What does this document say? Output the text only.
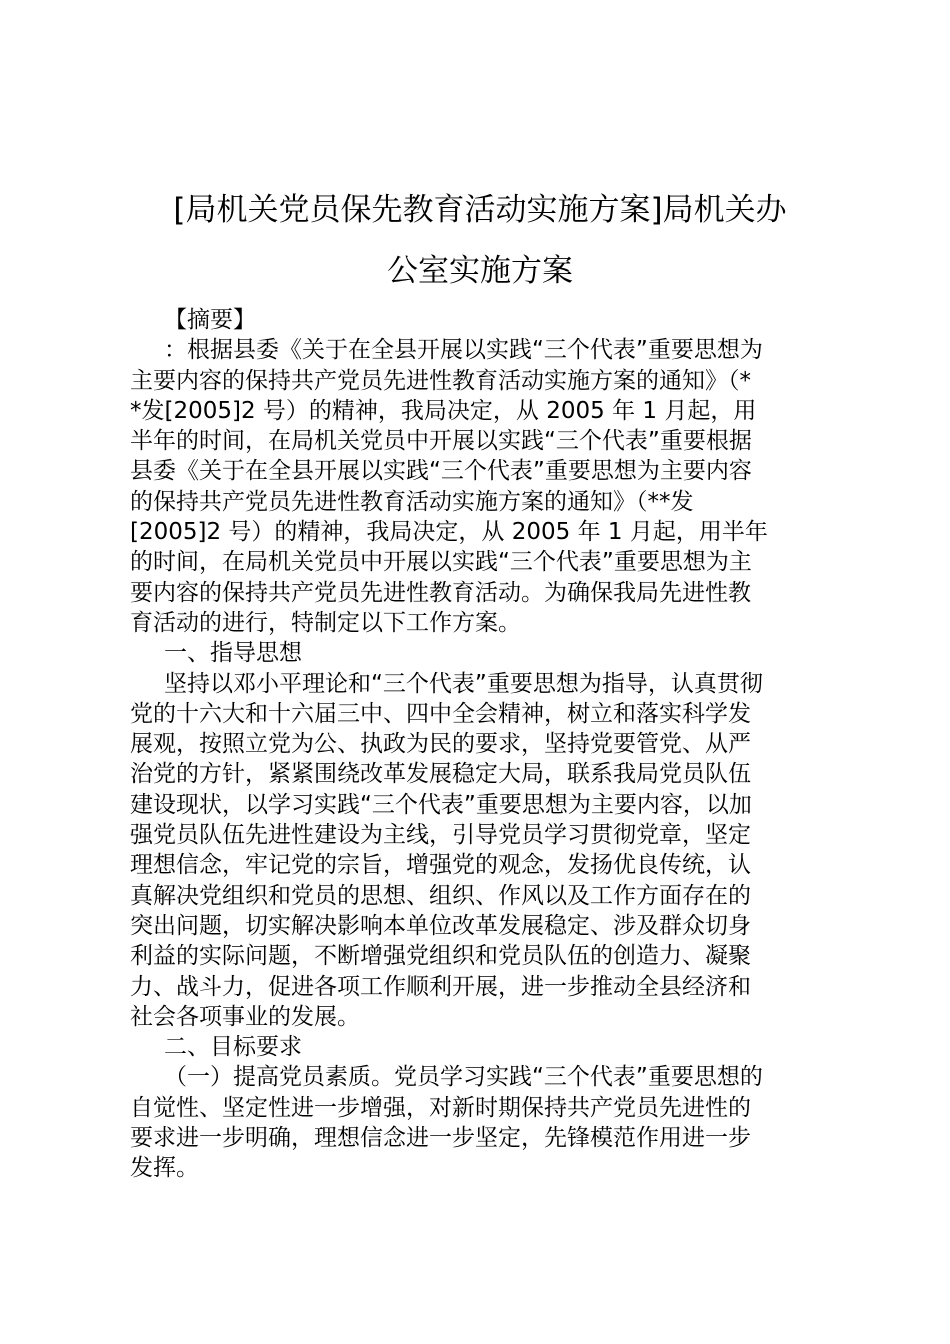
[局机关党员保先教育活动实施方案]局机关办
公室实施方案
【摘要】
：根据县委《关于在全县开展以实践“三个代表”重要思想为
主要内容的保持共产党员先进性教育活动实施方案的通知》（*
*发[2005]2 号）的精神，我局决定，从 2005 年 1 月起，用
半年的时间，在局机关党员中开展以实践“三个代表”重要根据
县委《关于在全县开展以实践“三个代表”重要思想为主要内容
的保持共产党员先进性教育活动实施方案的通知》（**发
[2005]2 号）的精神，我局决定，从 2005 年 1 月起，用半年
的时间，在局机关党员中开展以实践“三个代表”重要思想为主
要内容的保持共产党员先进性教育活动。为确保我局先进性教
育活动的进行，特制定以下工作方案。
一、指导思想
坚持以邓小平理论和“三个代表”重要思想为指导，认真贯彻
党的十六大和十六届三中、四中全会精神，树立和落实科学发
展观，按照立党为公、执政为民的要求，坚持党要管党、从严
治党的方针，紧紧围绕改革发展稳定大局，联系我局党员队伍
建设现状，以学习实践“三个代表”重要思想为主要内容，以加
强党员队伍先进性建设为主线，引导党员学习贯彻党章，坚定
理想信念，牢记党的宗旨，增强党的观念，发扬优良传统，认
真解决党组织和党员的思想、组织、作风以及工作方面存在的
突出问题，切实解决影响本单位改革发展稳定、涉及群众切身
利益的实际问题，不断增强党组织和党员队伍的创造力、凝聚
力、战斗力，促进各项工作顺利开展，进一步推动全县经济和
社会各项事业的发展。
二、目标要求
（一）提高党员素质。党员学习实践“三个代表”重要思想的
自觉性、坚定性进一步增强，对新时期保持共产党员先进性的
要求进一步明确，理想信念进一步坚定，先锋模范作用进一步
发挥。
